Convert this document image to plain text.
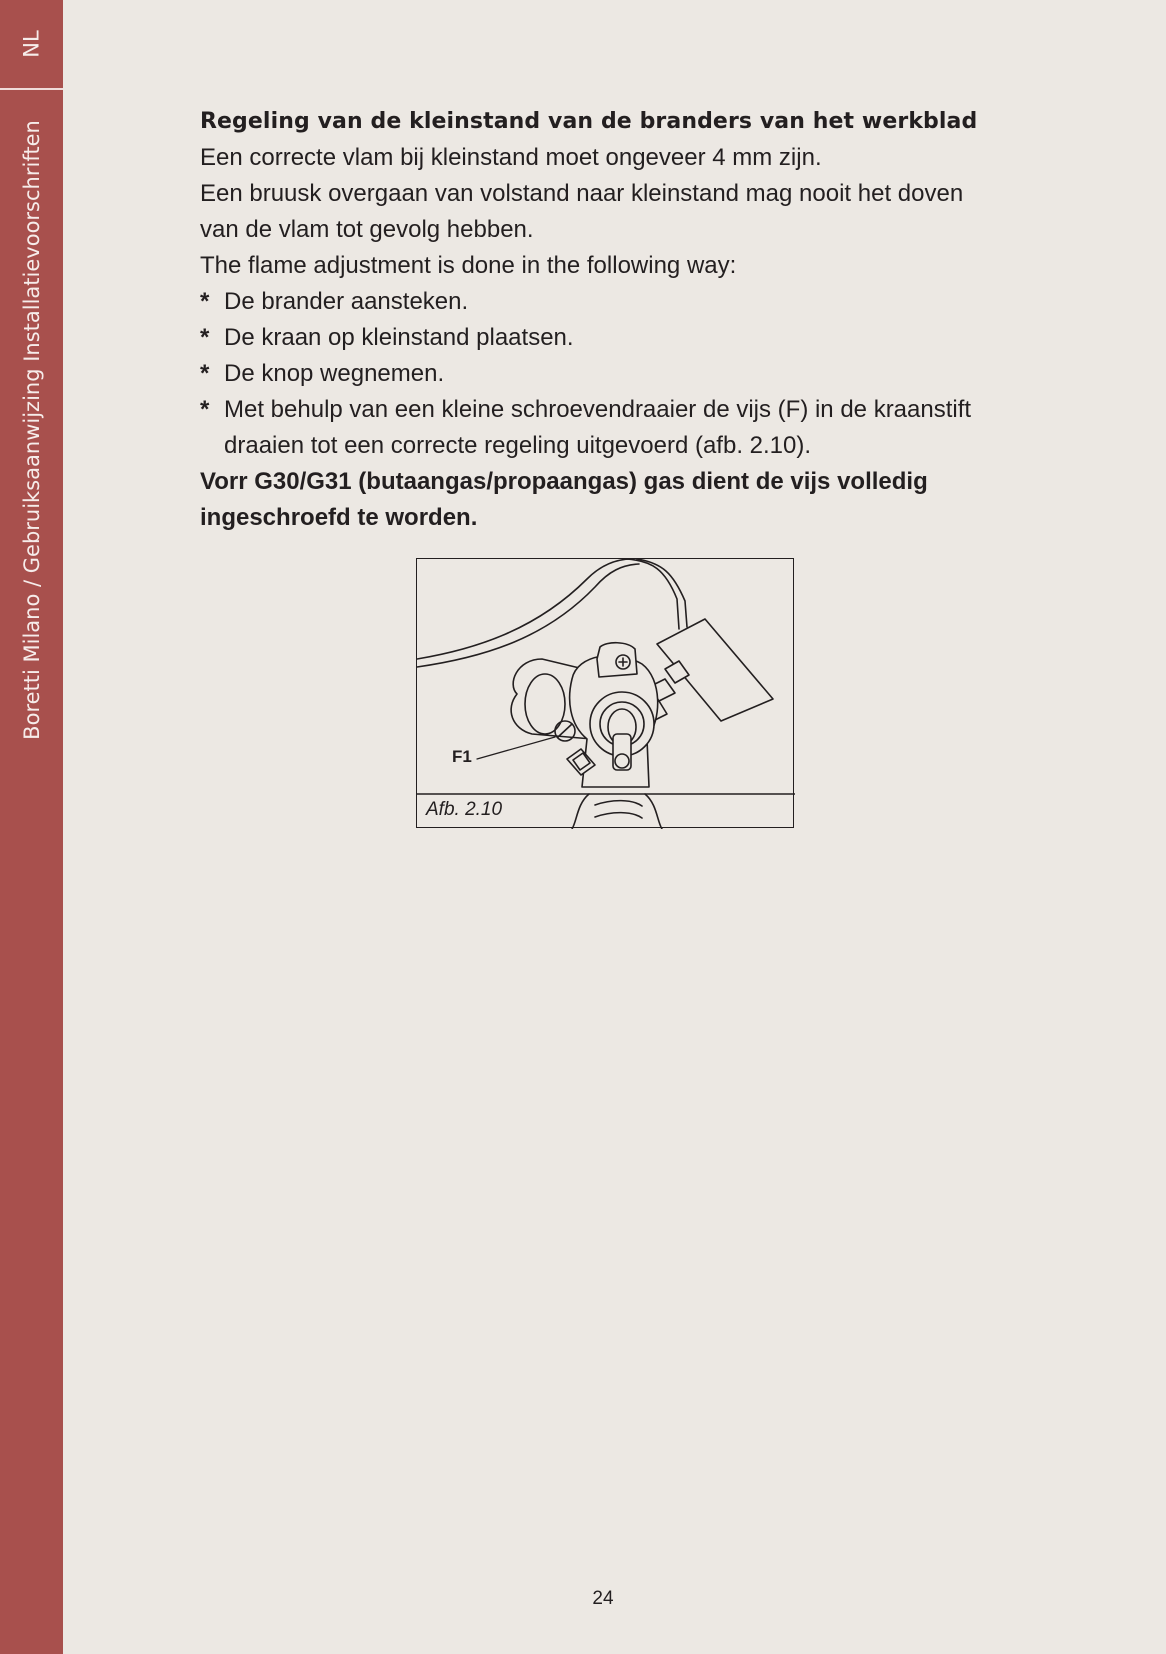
NL
Boretti Milano / Gebruiksaanwijzing Installatievoorschriften	Regeling van de kleinstand van de branders van het werkblad
Een correcte vlam bij kleinstand moet ongeveer 4 mm zijn.
Een bruusk overgaan van volstand naar kleinstand mag nooit het doven van de vlam tot gevolg hebben.
The flame adjustment is done in the following way:
* De brander aansteken.
* De kraan op kleinstand plaatsen.
* De knop wegnemen.
* Met behulp van een kleine schroevendraaier de vijs (F) in de kraanstift draaien tot een correcte regeling uitgevoerd (afb. 2.10).
Vorr G30/G31 (butaangas/propaangas) gas dient de vijs volledig ingeschroefd te worden.
F1
Afb. 2.10
24
